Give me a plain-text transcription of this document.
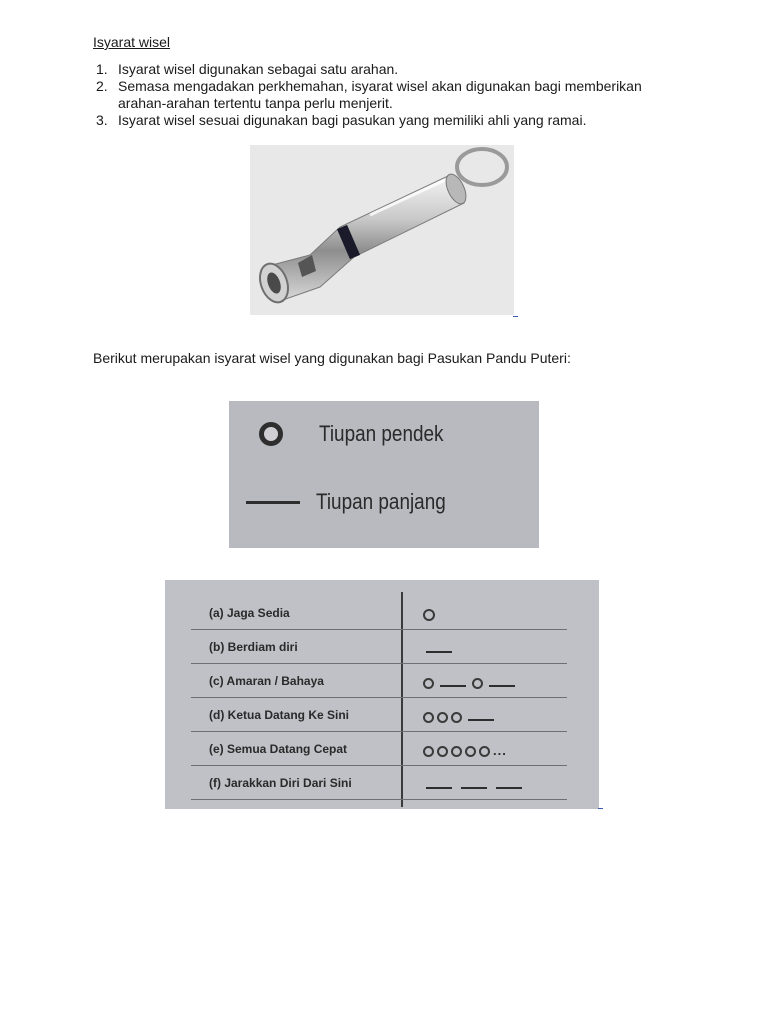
Isyarat wisel
1. Isyarat wisel digunakan sebagai satu arahan.
2. Semasa mengadakan perkhemahan, isyarat wisel akan digunakan bagi memberikan arahan-arahan tertentu tanpa perlu menjerit.
3. Isyarat wisel sesuai digunakan bagi pasukan yang memiliki ahli yang ramai.
Berikut merupakan isyarat wisel yang digunakan bagi Pasukan Pandu Puteri:
Tiupan pendek
Tiupan panjang
(a) Jaga Sedia
(b) Berdiam diri
(c) Amaran / Bahaya
(d) Ketua Datang Ke Sini
(e) Semua Datang Cepat	...
(f) Jarakkan Diri Dari Sini
